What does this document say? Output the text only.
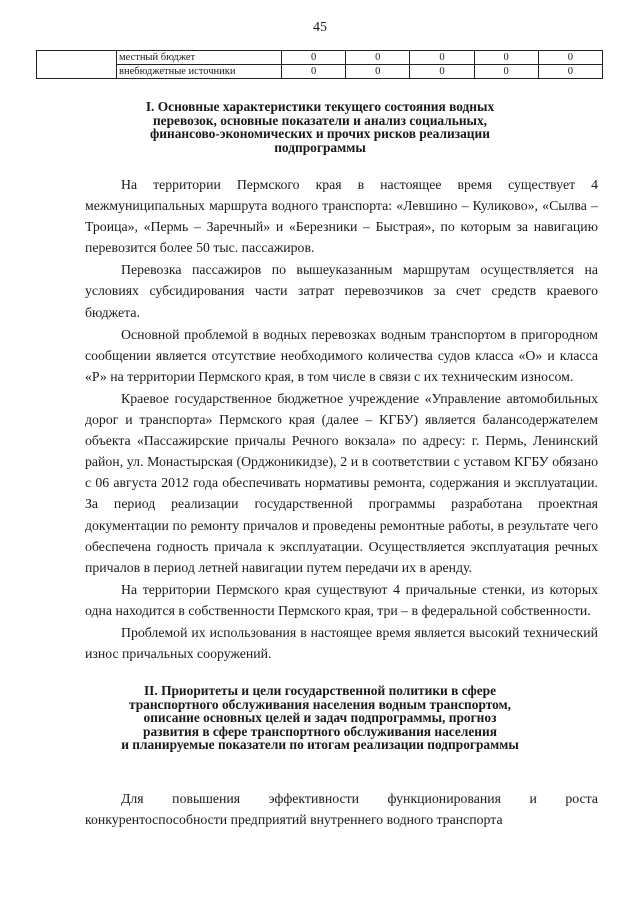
45
	местный бюджет	0	0	0	0	0
	внебюджетные источники	0	0	0	0	0
I. Основные характеристики текущего состояния водных
перевозок, основные показатели и анализ социальных,
финансово-экономических и прочих рисков реализации
подпрограммы

На территории Пермского края в настоящее время существует 4 межмуниципальных маршрута водного транспорта: «Левшино – Куликово», «Сылва – Троица», «Пермь – Заречный» и «Березники – Быстрая», по которым за навигацию перевозится более 50 тыс. пассажиров.

Перевозка пассажиров по вышеуказанным маршрутам осуществляется на условиях субсидирования части затрат перевозчиков за счет средств краевого бюджета.

Основной проблемой в водных перевозках водным транспортом в пригородном сообщении является отсутствие необходимого количества судов класса «О» и класса «Р» на территории Пермского края, в том числе в связи с их техническим износом.

Краевое государственное бюджетное учреждение «Управление автомобильных дорог и транспорта» Пермского края (далее – КГБУ) является балансодержателем объекта «Пассажирские причалы Речного вокзала» по адресу: г. Пермь, Ленинский район, ул. Монастырская (Орджоникидзе), 2 и в соответствии с уставом КГБУ обязано с 06 августа 2012 года обеспечивать нормативы ремонта, содержания и эксплуатации. За период реализации государственной программы разработана проектная документации по ремонту причалов и проведены ремонтные работы, в результате чего обеспечена годность причала к эксплуатации. Осуществляется эксплуатация речных причалов в период летней навигации путем передачи их в аренду.

На территории Пермского края существуют 4 причальные стенки, из которых одна находится в собственности Пермского края, три – в федеральной собственности.

Проблемой их использования в настоящее время является высокий технический износ причальных сооружений.

II. Приоритеты и цели государственной политики в сфере
транспортного обслуживания населения водным транспортом,
описание основных целей и задач подпрограммы, прогноз
развития в сфере транспортного обслуживания населения
и планируемые показатели по итогам реализации подпрограммы

Для повышения эффективности функционирования и роста конкурентоспособности предприятий внутреннего водного транспорта
